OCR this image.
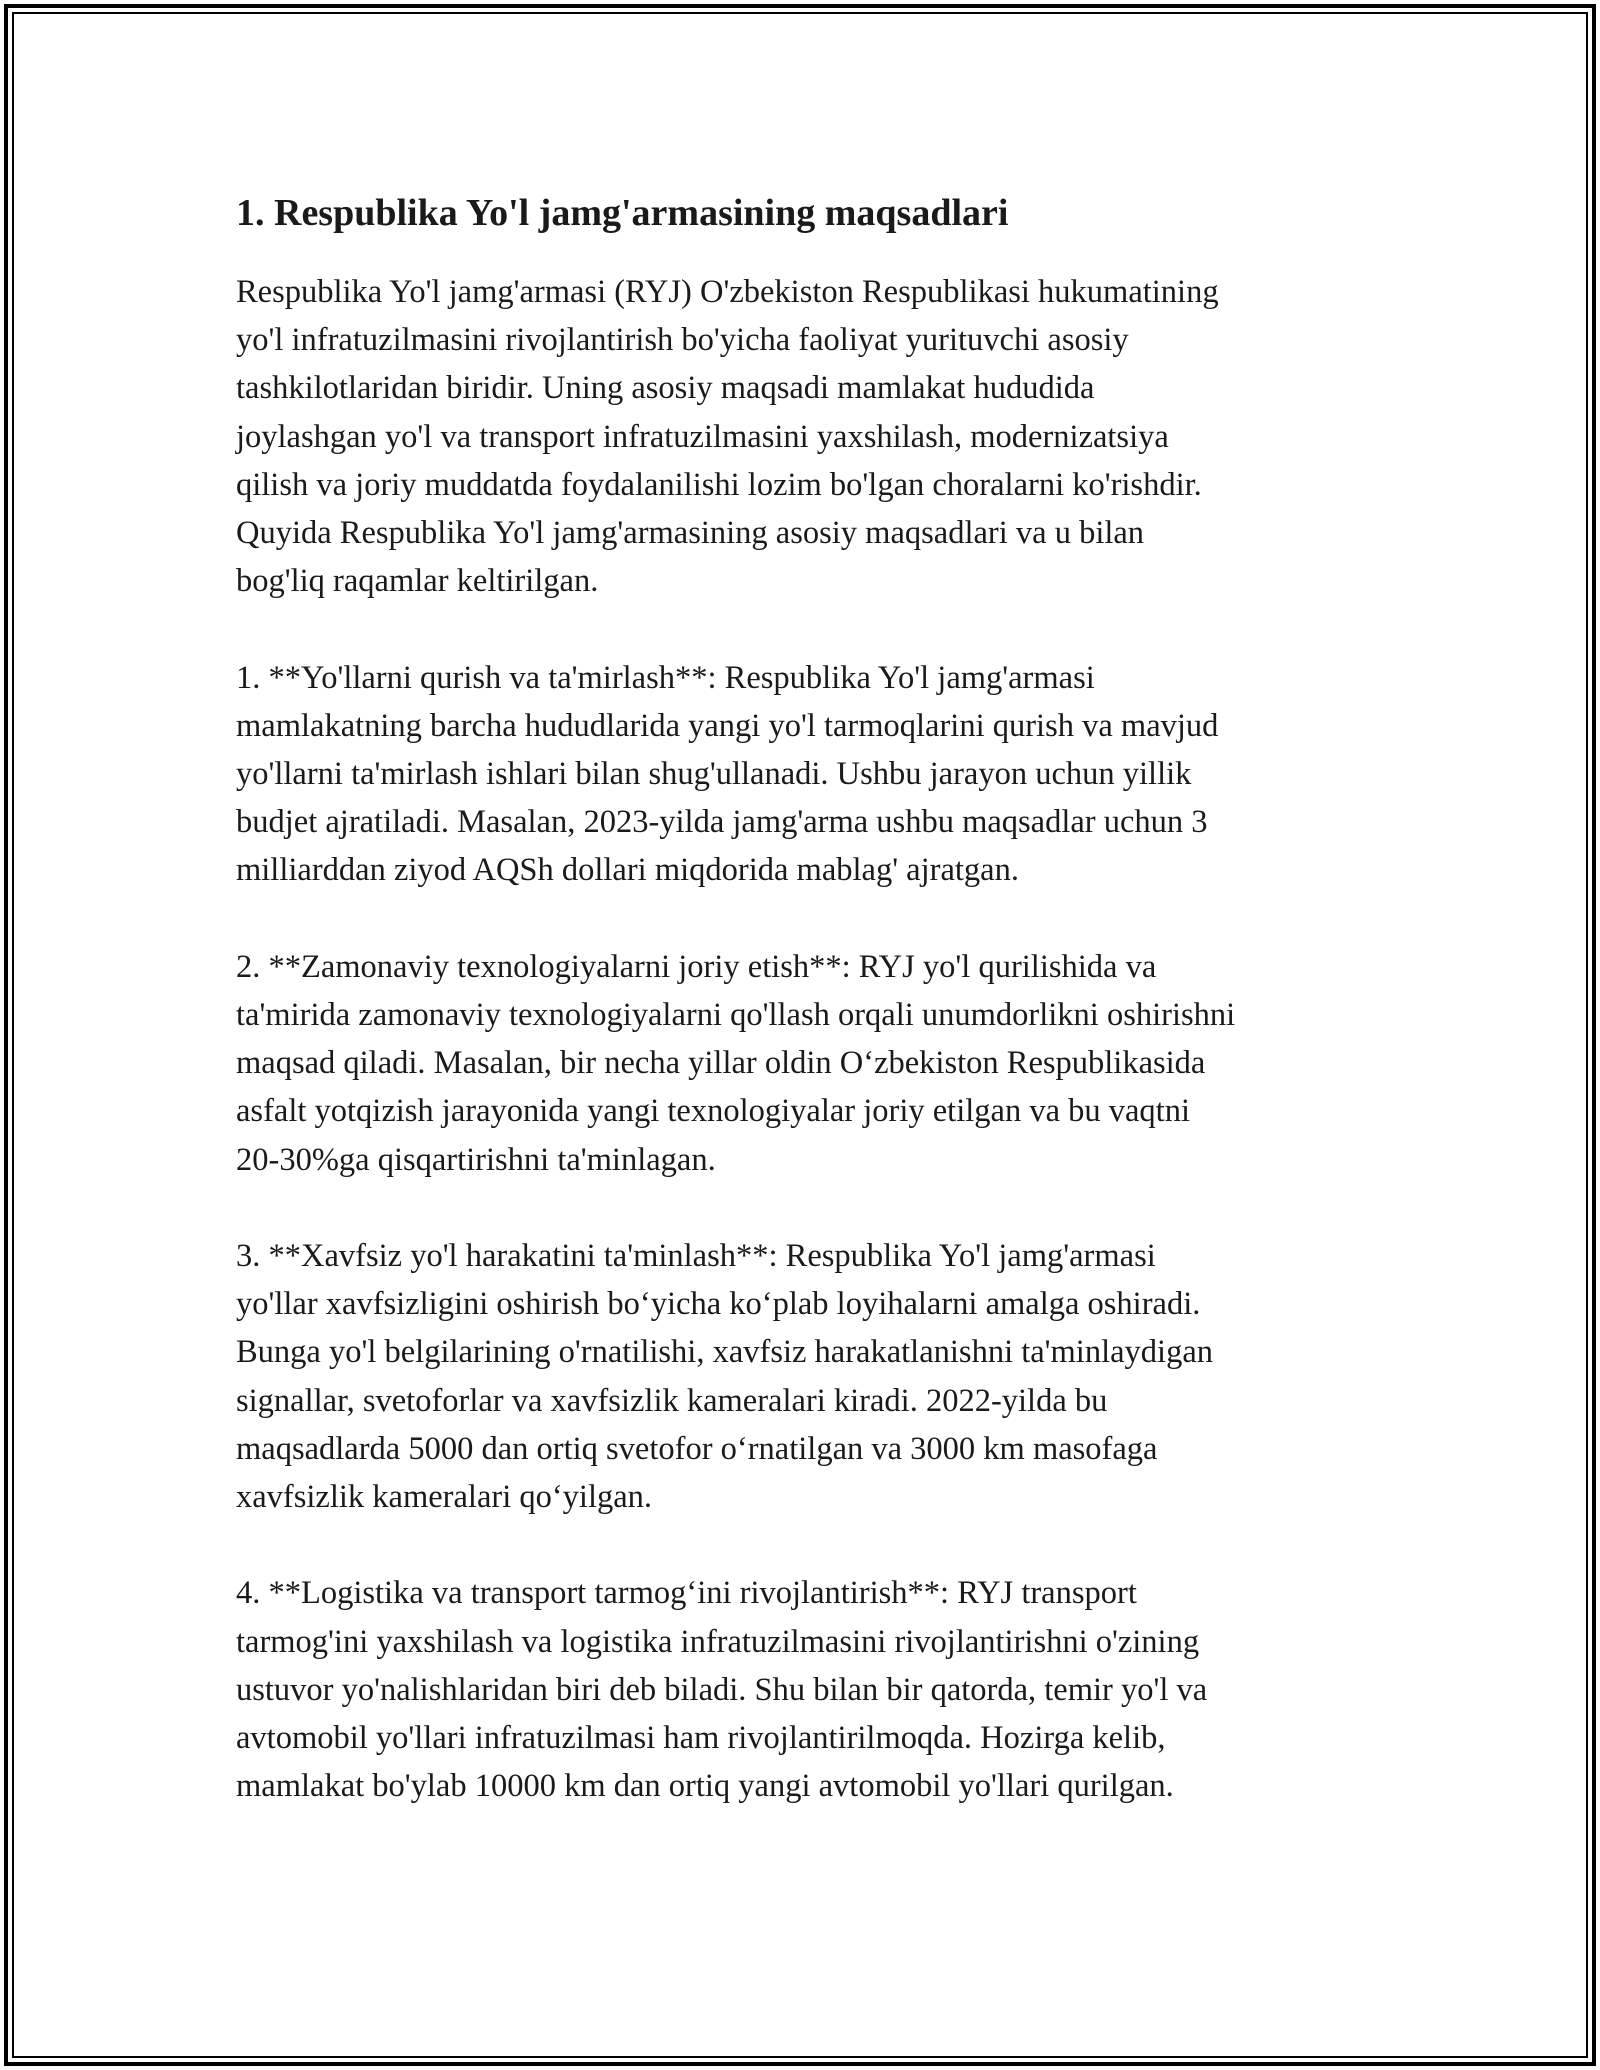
1. Respublika Yo'l jamg'armasining maqsadlari

Respublika Yo'l jamg'armasi (RYJ) O'zbekiston Respublikasi hukumatining
yo'l infratuzilmasini rivojlantirish bo'yicha faoliyat yurituvchi asosiy
tashkilotlaridan biridir. Uning asosiy maqsadi mamlakat hududida
joylashgan yo'l va transport infratuzilmasini yaxshilash, modernizatsiya
qilish va joriy muddatda foydalanilishi lozim bo'lgan choralarni ko'rishdir.
Quyida Respublika Yo'l jamg'armasining asosiy maqsadlari va u bilan
bog'liq raqamlar keltirilgan.

1. **Yo'llarni qurish va ta'mirlash**: Respublika Yo'l jamg'armasi
mamlakatning barcha hududlarida yangi yo'l tarmoqlarini qurish va mavjud
yo'llarni ta'mirlash ishlari bilan shug'ullanadi. Ushbu jarayon uchun yillik
budjet ajratiladi. Masalan, 2023-yilda jamg'arma ushbu maqsadlar uchun 3
milliarddan ziyod AQSh dollari miqdorida mablag' ajratgan.

2. **Zamonaviy texnologiyalarni joriy etish**: RYJ yo'l qurilishida va
ta'mirida zamonaviy texnologiyalarni qo'llash orqali unumdorlikni oshirishni
maqsad qiladi. Masalan, bir necha yillar oldin O‘zbekiston Respublikasida
asfalt yotqizish jarayonida yangi texnologiyalar joriy etilgan va bu vaqtni
20-30%ga qisqartirishni ta'minlagan.

3. **Xavfsiz yo'l harakatini ta'minlash**: Respublika Yo'l jamg'armasi
yo'llar xavfsizligini oshirish bo‘yicha ko‘plab loyihalarni amalga oshiradi.
Bunga yo'l belgilarining o'rnatilishi, xavfsiz harakatlanishni ta'minlaydigan
signallar, svetoforlar va xavfsizlik kameralari kiradi. 2022-yilda bu
maqsadlarda 5000 dan ortiq svetofor o‘rnatilgan va 3000 km masofaga
xavfsizlik kameralari qo‘yilgan.

4. **Logistika va transport tarmog‘ini rivojlantirish**: RYJ transport
tarmog'ini yaxshilash va logistika infratuzilmasini rivojlantirishni o'zining
ustuvor yo'nalishlaridan biri deb biladi. Shu bilan bir qatorda, temir yo'l va
avtomobil yo'llari infratuzilmasi ham rivojlantirilmoqda. Hozirga kelib,
mamlakat bo'ylab 10000 km dan ortiq yangi avtomobil yo'llari qurilgan.
